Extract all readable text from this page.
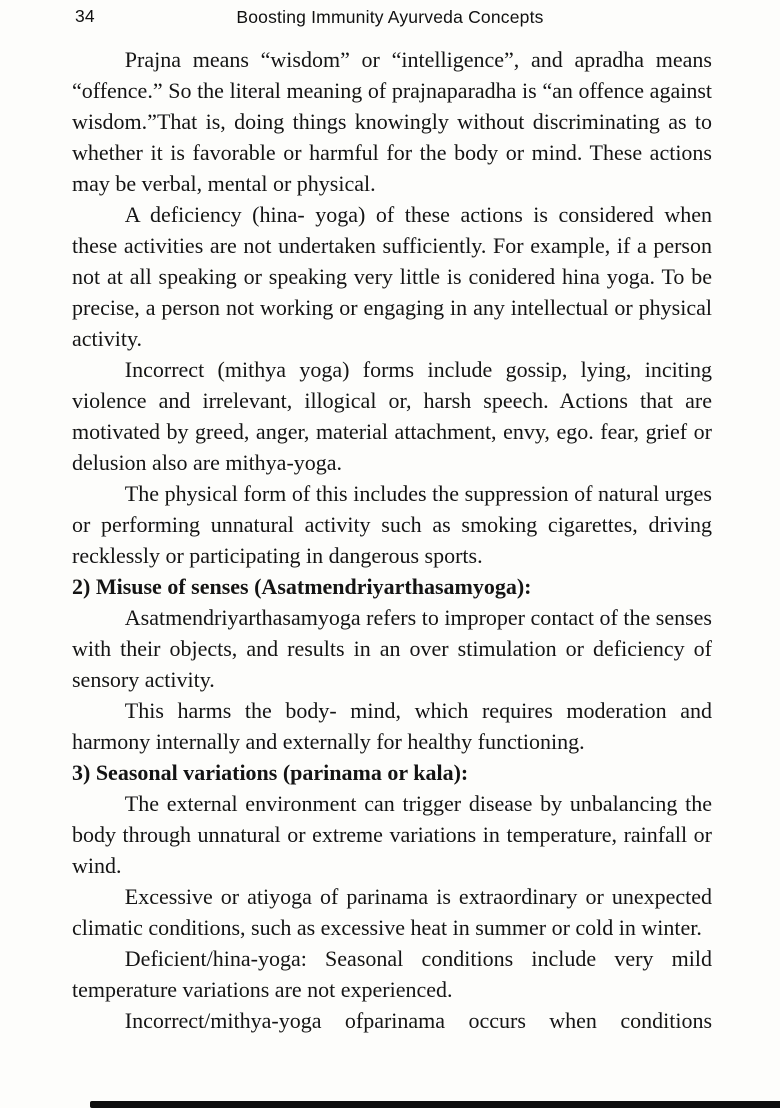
34	Boosting Immunity Ayurveda Concepts

Prajna means “wisdom” or “intelligence”, and apradha means “offence.” So the literal meaning of prajnaparadha is “an offence against wisdom.”That is, doing things knowingly without discriminating as to whether it is favorable or harmful for the body or mind. These actions may be verbal, mental or physical.

A deficiency (hina- yoga) of these actions is considered when these activities are not undertaken sufficiently. For example, if a person not at all speaking or speaking very little is conidered hina yoga. To be precise, a person not working or engaging in any intellectual or physical activity.

Incorrect (mithya yoga) forms include gossip, lying, inciting violence and irrelevant, illogical or, harsh speech. Actions that are motivated by greed, anger, material attachment, envy, ego. fear, grief or delusion also are mithya-yoga.

The physical form of this includes the suppression of natural urges or performing unnatural activity such as smoking cigarettes, driving recklessly or participating in dangerous sports.

2) Misuse of senses (Asatmendriyarthasamyoga):

Asatmendriyarthasamyoga refers to improper contact of the senses with their objects, and results in an over stimulation or deficiency of sensory activity.

This harms the body- mind, which requires moderation and harmony internally and externally for healthy functioning.

3) Seasonal variations (parinama or kala):

The external environment can trigger disease by unbalancing the body through unnatural or extreme variations in temperature, rainfall or wind.

Excessive or atiyoga of parinama is extraordinary or unexpected climatic conditions, such as excessive heat in summer or cold in winter.

Deficient/hina-yoga: Seasonal conditions include very mild temperature variations are not experienced.

Incorrect/mithya-yoga ofparinama occurs when conditions
